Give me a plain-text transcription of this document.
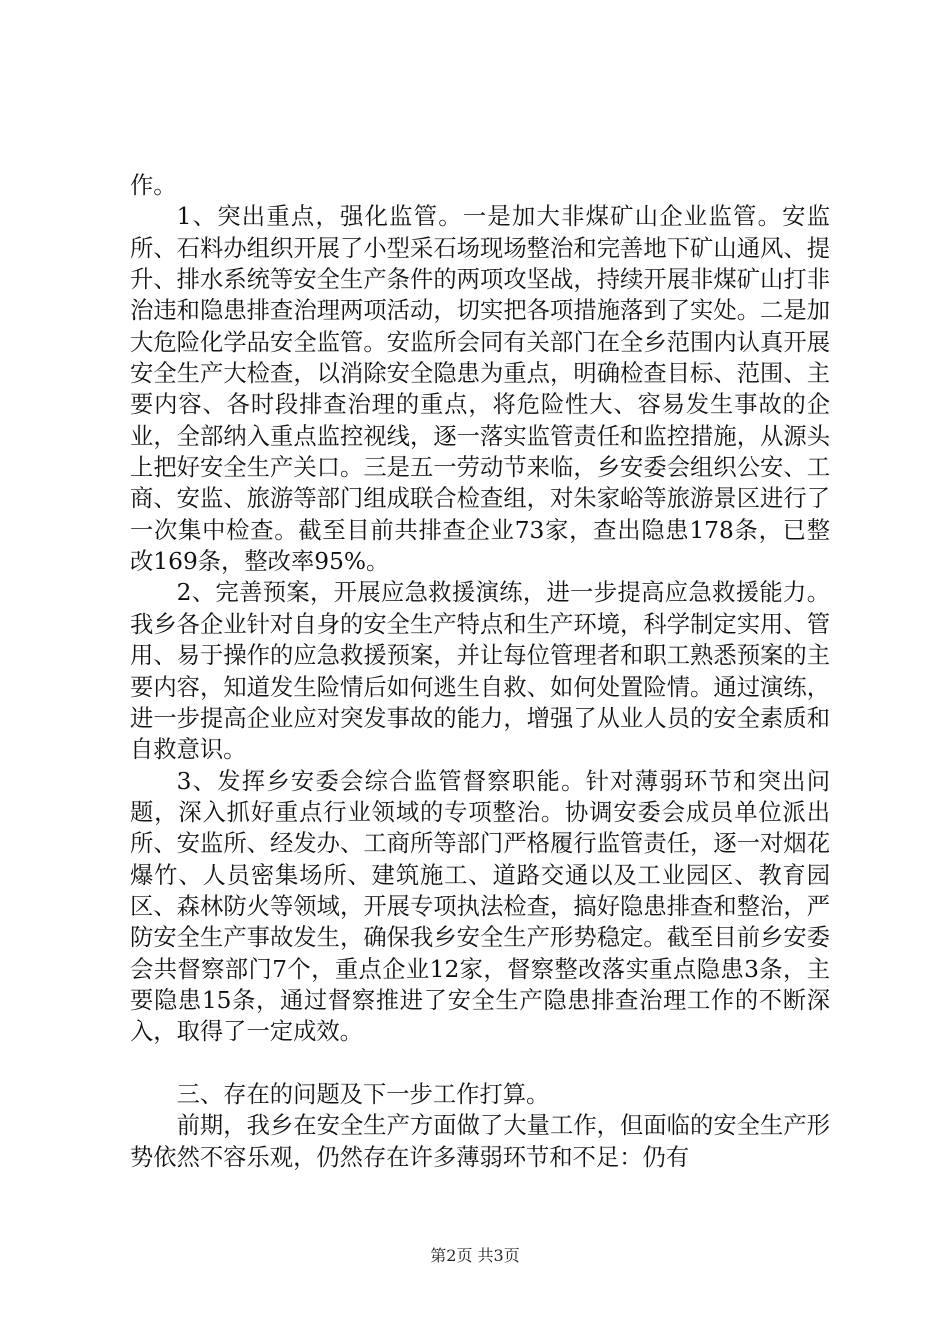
作。

1、突出重点，强化监管。一是加大非煤矿山企业监管。安监所、石料办组织开展了小型采石场现场整治和完善地下矿山通风、提升、排水系统等安全生产条件的两项攻坚战，持续开展非煤矿山打非治违和隐患排查治理两项活动，切实把各项措施落到了实处。二是加大危险化学品安全监管。安监所会同有关部门在全乡范围内认真开展安全生产大检查，以消除安全隐患为重点，明确检查目标、范围、主要内容、各时段排查治理的重点，将危险性大、容易发生事故的企业，全部纳入重点监控视线，逐一落实监管责任和监控措施，从源头上把好安全生产关口。三是五一劳动节来临，乡安委会组织公安、工商、安监、旅游等部门组成联合检查组，对朱家峪等旅游景区进行了一次集中检查。截至目前共排查企业73家，查出隐患178条，已整改169条，整改率95%。

2、完善预案，开展应急救援演练，进一步提高应急救援能力。我乡各企业针对自身的安全生产特点和生产环境，科学制定实用、管用、易于操作的应急救援预案，并让每位管理者和职工熟悉预案的主要内容，知道发生险情后如何逃生自救、如何处置险情。通过演练，进一步提高企业应对突发事故的能力，增强了从业人员的安全素质和自救意识。

3、发挥乡安委会综合监管督察职能。针对薄弱环节和突出问题，深入抓好重点行业领域的专项整治。协调安委会成员单位派出所、安监所、经发办、工商所等部门严格履行监管责任，逐一对烟花爆竹、人员密集场所、建筑施工、道路交通以及工业园区、教育园区、森林防火等领域，开展专项执法检查，搞好隐患排查和整治，严防安全生产事故发生，确保我乡安全生产形势稳定。截至目前乡安委会共督察部门7个，重点企业12家，督察整改落实重点隐患3条，主要隐患15条，通过督察推进了安全生产隐患排查治理工作的不断深入，取得了一定成效。

三、存在的问题及下一步工作打算。

前期，我乡在安全生产方面做了大量工作，但面临的安全生产形势依然不容乐观，仍然存在许多薄弱环节和不足：仍有

第2页 共3页
